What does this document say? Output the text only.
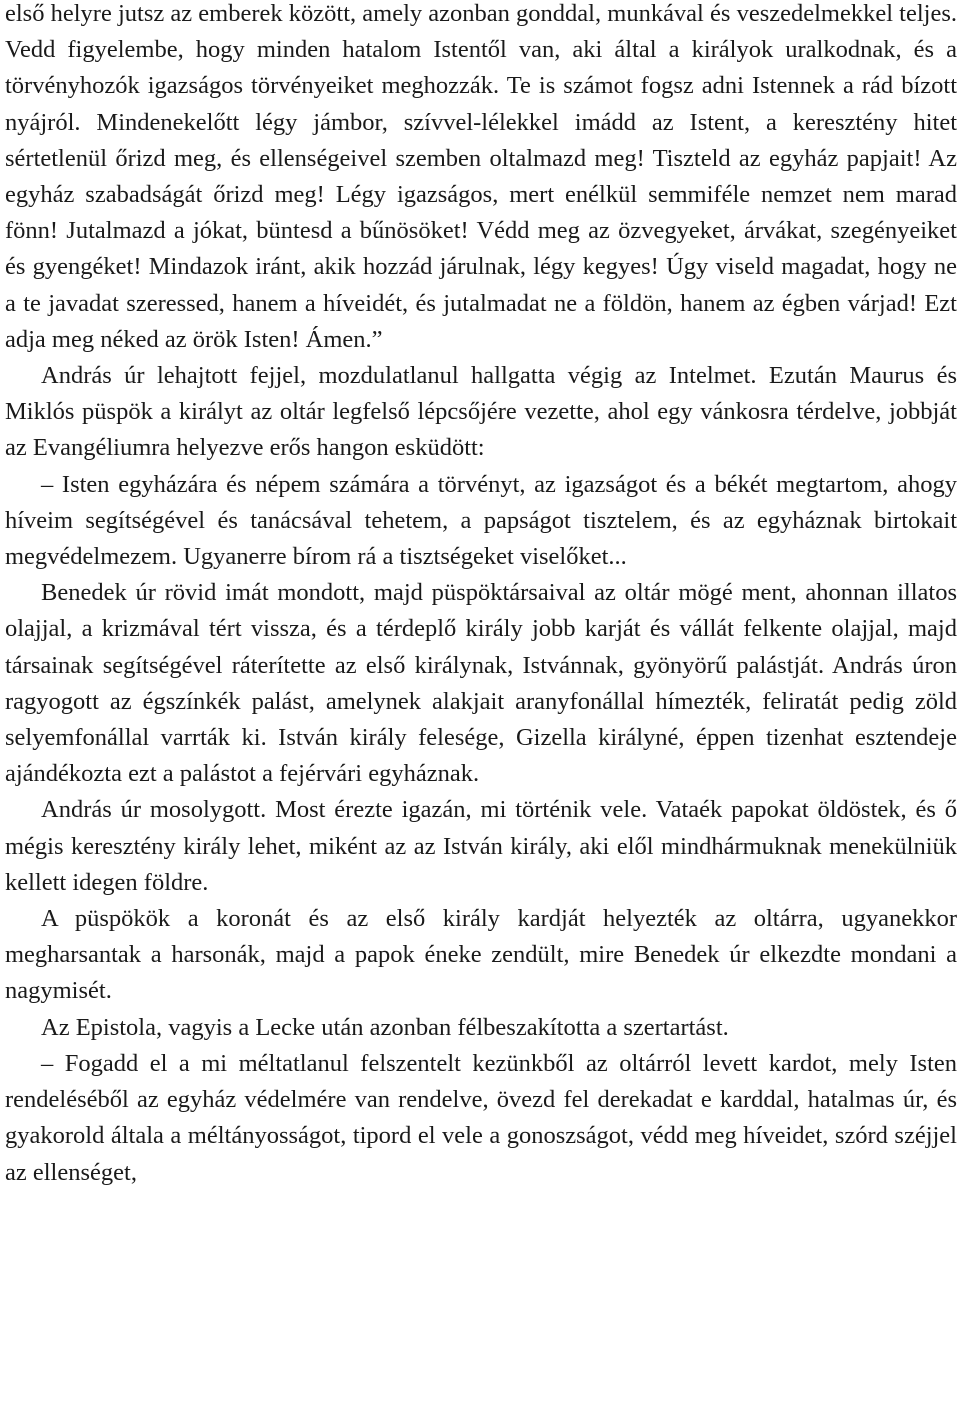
első helyre jutsz az emberek között, amely azonban gonddal, munkával és veszedelmekkel teljes. Vedd figyelembe, hogy minden hatalom Istentől van, aki által a királyok uralkodnak, és a törvényhozók igazságos törvényeiket meghozzák. Te is számot fogsz adni Istennek a rád bízott nyájról. Mindenekelőtt légy jámbor, szívvel-lélekkel imádd az Istent, a keresztény hitet sértetlenül őrizd meg, és ellenségeivel szemben oltalmazd meg! Tiszteld az egyház papjait! Az egyház szabadságát őrizd meg! Légy igazságos, mert enélkül semmiféle nemzet nem marad fönn! Jutalmazd a jókat, büntesd a bűnösöket! Védd meg az özvegyeket, árvákat, szegényeiket és gyengéket! Mindazok iránt, akik hozzád járulnak, légy kegyes! Úgy viseld magadat, hogy ne a te javadat szeressed, hanem a híveidét, és jutalmadat ne a földön, hanem az égben várjad! Ezt adja meg néked az örök Isten! Ámen.”

András úr lehajtott fejjel, mozdulatlanul hallgatta végig az Intelmet. Ezután Maurus és Miklós püspök a királyt az oltár legfelső lépcsőjére vezette, ahol egy vánkosra térdelve, jobbját az Evangéliumra helyezve erős hangon esküdött:

– Isten egyházára és népem számára a törvényt, az igazságot és a békét megtartom, ahogy híveim segítségével és tanácsával tehetem, a papságot tisztelem, és az egyháznak birtokait megvédelmezem. Ugyanerre bírom rá a tisztségeket viselőket...

Benedek úr rövid imát mondott, majd püspöktársaival az oltár mögé ment, ahonnan illatos olajjal, a krizmával tért vissza, és a térdeplő király jobb karját és vállát felkente olajjal, majd társainak segítségével ráterítette az első királynak, Istvánnak, gyönyörű palástját. András úron ragyogott az égszínkék palást, amelynek alakjait aranyfonállal hímezték, feliratát pedig zöld selyemfonállal varrták ki. István király felesége, Gizella királyné, éppen tizenhat esztendeje ajándékozta ezt a palástot a fejérvári egyháznak.

András úr mosolygott. Most érezte igazán, mi történik vele. Vataék papokat öldöstek, és ő mégis keresztény király lehet, miként az az István király, aki elől mindhármuknak menekülniük kellett idegen földre.

A püspökök a koronát és az első király kardját helyezték az oltárra, ugyanekkor megharsantak a harsonák, majd a papok éneke zendült, mire Benedek úr elkezdte mondani a nagymisét.

Az Epistola, vagyis a Lecke után azonban félbeszakította a szertartást.

– Fogadd el a mi méltatlanul felszentelt kezünkből az oltárról levett kardot, mely Isten rendeléséből az egyház védelmére van rendelve, övezd fel derekadat e karddal, hatalmas úr, és gyakorold általa a méltányosságot, tipord el vele a gonoszságot, védd meg híveidet, szórd széjjel az ellenséget,
